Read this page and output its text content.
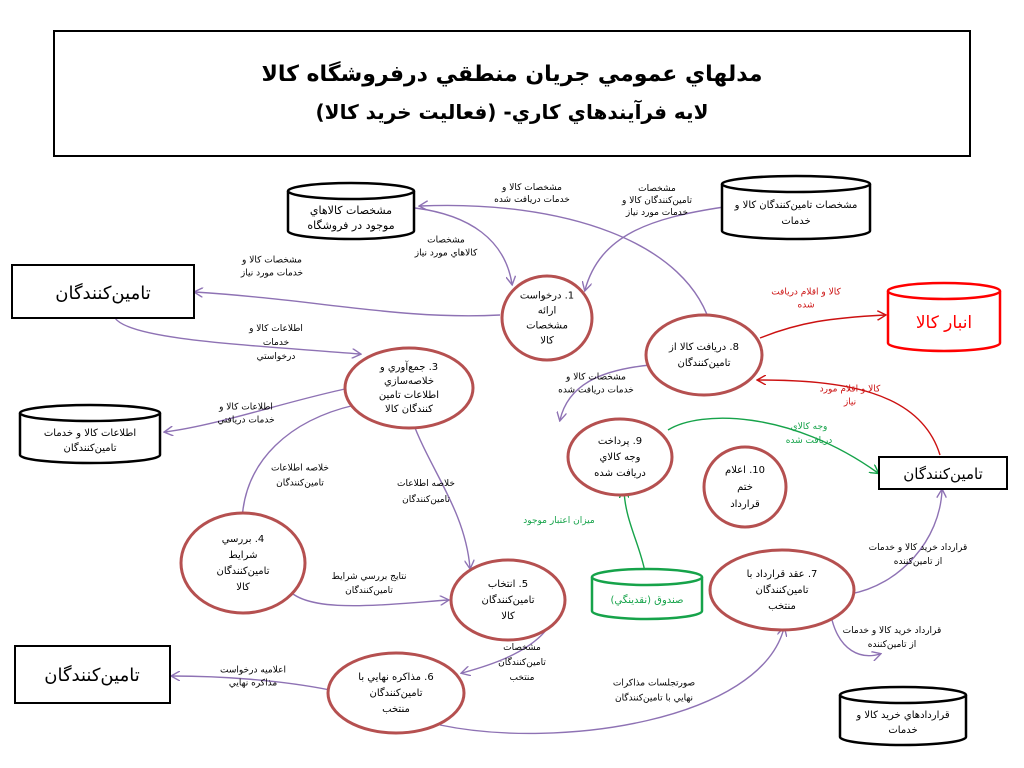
مدلهاي عمومي جريان منطقي درفروشگاه كالا
لايه فرآيندهاي كاري- (فعاليت خريد كالا)
مشخصات كالاهاي
موجود در فروشگاه
مشخصات تامين‌كنندگان كالا و
خدمات
اطلاعات كالا و خدمات
تامين‌كنندگان
قراردادهاي خريد كالا و
خدمات
انبار كالا
صندوق (نقدينگي)
تامين‌كنندگان
تامين‌كنندگان
تامين‌كنندگان
1. درخواست ارائه مشخصات كالا
3. جمع‌آوري و خلاصه‌سازي اطلاعات تامين كنندگان كالا
4. بررسي شرايط تامين‌كنندگان كالا	5. انتخاب تامين‌كنندگان كالا
6. مذاكره نهايي با تامين‌كنندگان منتخب
7. عقد قرارداد با تامين‌كنندگان منتخب
8. دريافت كالا از تامين‌كنندگان
9. پرداخت وجه كالاي دريافت شده	10. اعلام ختم قرارداد
مشخصات كالا و خدمات دريافت شده
مشخصات تامين‌كنندگان كالا و خدمات مورد نياز
مشخصات كالاهاي مورد نياز
مشخصات كالا و خدمات مورد نياز
اطلاعات كالا و خدمات درخواستي
اطلاعات كالا و خدمات دريافتي
خلاصه اطلاعات تامين‌كنندگان	خلاصه اطلاعات تامين‌كنندگان
نتايج بررسي شرايط تامين‌كنندگان
مشخصات تامين‌كنندگان منتخب
اعلاميه درخواست مذاكره نهايي	صورتجلسات مذاكرات نهايي با تامين‌كنندگان
قرارداد خريد كالا و خدمات از تامين‌كننده
قرارداد خريد كالا و خدمات از تامين‌كننده
مشخصات كالا و خدمات دريافت شده
كالا و اقلام دريافت شده
كالا و اقلام مورد نياز
وجه كالاي دريافت شده
ميزان اعتبار موجود
